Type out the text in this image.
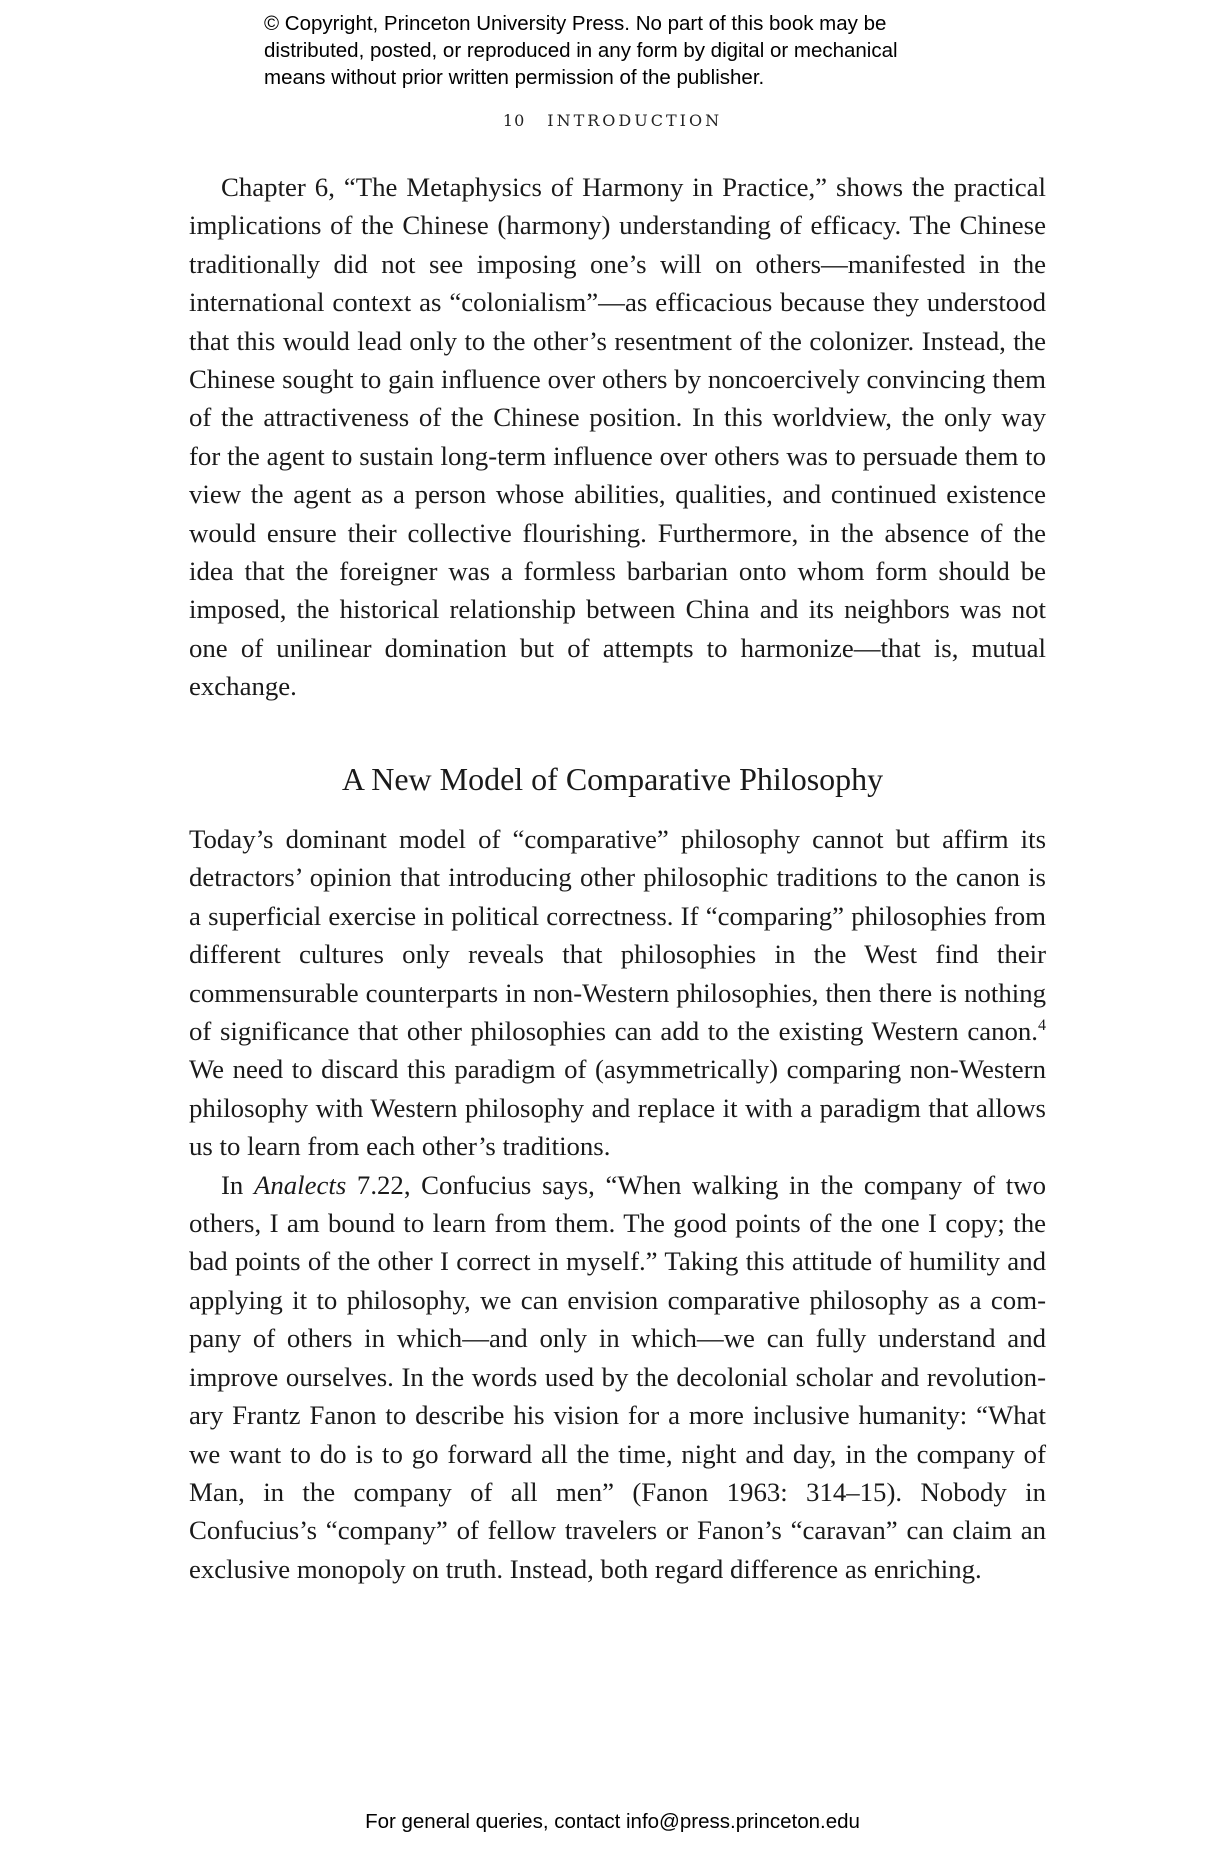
© Copyright, Princeton University Press. No part of this book may be
distributed, posted, or reproduced in any form by digital or mechanical
means without prior written permission of the publisher.
10 INTRODUCTION

Chapter 6, “The Metaphysics of Harmony in Practice,” shows the practical implications of the Chinese (harmony) understanding of efficacy. The Chinese traditionally did not see imposing one’s will on others—manifested in the international context as “colonialism”—as efficacious because they understood that this would lead only to the other’s resentment of the colonizer. Instead, the Chinese sought to gain influence over others by noncoercively convincing them of the attractiveness of the Chinese position. In this worldview, the only way for the agent to sustain long-term influence over others was to persuade them to view the agent as a person whose abilities, qualities, and continued existence would ensure their collective flourishing. Furthermore, in the absence of the idea that the foreigner was a formless barbarian onto whom form should be imposed, the historical relationship between China and its neighbors was not one of unilinear domination but of attempts to harmonize—that is, mutual exchange.

A New Model of Comparative Philosophy

Today’s dominant model of “comparative” philosophy cannot but affirm its detractors’ opinion that introducing other philosophic traditions to the canon is a superficial exercise in political correctness. If “comparing” philosophies from different cultures only reveals that philosophies in the West find their commensurable counterparts in non-Western philosophies, then there is nothing of significance that other philosophies can add to the existing Western canon.$^4$ We need to discard this paradigm of (asymmetrically) comparing non-Western philosophy with Western philosophy and replace it with a paradigm that allows us to learn from each other’s traditions.

In Analects 7.22, Confucius says, “When walking in the company of two others, I am bound to learn from them. The good points of the one I copy; the bad points of the other I correct in myself.” Taking this attitude of humility and applying it to philosophy, we can envision comparative philosophy as a company of others in which—and only in which—we can fully understand and improve ourselves. In the words used by the decolonial scholar and revolutionary Frantz Fanon to describe his vision for a more inclusive humanity: “What we want to do is to go forward all the time, night and day, in the company of Man, in the company of all men” (Fanon 1963: 314–15). Nobody in Confucius’s “company” of fellow travelers or Fanon’s “caravan” can claim an exclusive monopoly on truth. Instead, both regard difference as enriching.

For general queries, contact info@press.princeton.edu
